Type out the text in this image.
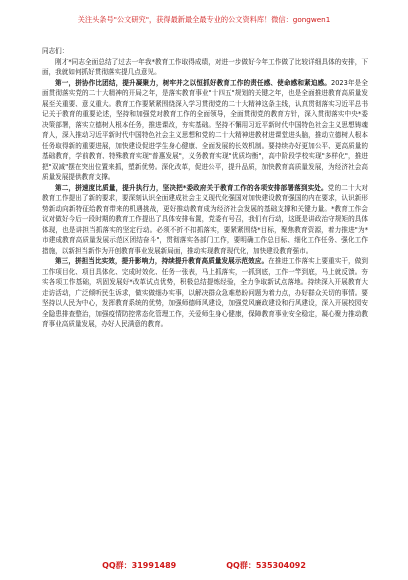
关注头条号"公文研究"，获得最新最全最专业的公文资料库！微信：gongwen1

同志们：

刚才*同志全面总结了过去一年我*教育工作取得成绩，对进一步做好今年工作做了比较详细具体的安排，下面，我就如何抓好贯彻落实提几点意见。

第一，拼协作比团结，提升凝聚力，树牢并之以恒抓好教育工作的责任感、使命感和紧迫感。2023年是全面贯彻落实党的二十大精神的开局之年，是落实教育事业"十四五"规划的关键之年，也是全面推进教育高质量发展至关重要、意义重大。教育工作要紧紧围绕深入学习贯彻党的二十大精神这条主线，认真贯彻落实习近平总书记关于教育的重要论述，坚持和加强党对教育工作的全面领导，全面贯彻党的教育方针，深入贯彻落实中央*委决策部署，落实立德树人根本任务，推进课改，夯实基础。坚持不懈用习近平新时代中国特色社会主义思想铸魂育人，深入推动习近平新时代中国特色社会主义思想和党的二十大精神进教材进课堂进头脑，推动立德树人根本任务取得新的重要进展，加快建设促进学生身心健康、全面发展的长效机制。要持续办好更加公平、更高质量的基础教育，学前教育、特殊教育实现"普惠发展"，义务教育实现"优质均衡"，高中阶段学校实现"多样化"，推进把"双减"摆在突出位置来抓，塑新优势。深化改革，促进公平，提升品质，加快教育高质量发展，为经济社会高质量发展提供教育支撑。

第二，拼速度比质量，提升执行力，坚决把*委政府关于教育工作的各项安排部署落到实处。党的二十大对教育工作提出了新的要求，要深刻认识全面建成社会主义现代化强国对加快建设教育强国的内在要求，认识新形势新动向新特征给教育带来的机遇挑战，更好推动教育成为经济社会发展的基础支撑和关键力量。*教育工作会议对做好今后一段时期的教育工作提出了具体安排布置，党委有号召，我们有行动，这既是讲政治守规矩的具体体现，也是讲担当抓落实的坚定行动。必须不折不扣抓落实，要紧紧围绕*目标，聚焦教育资源，着力推进"为*市建成教育高质量发展示范区团结奋斗"，贯彻落实各部门工作，要明确工作总目标、细化工作任务、强化工作措施，以新担当新作为开创教育事业发展新局面，推动实现教育现代化，加快建设教育强市。

第三，拼担当比实效，提升影响力，持续提升教育高质量发展示范效应。在推进工作落实上要重实干，做到工作项目化、项目具体化、完成时效化、任务一张表，马上抓落实，一抓到底，工作一竿到底，马上就反馈。夯实各项工作基础，巩固发展好*改革试点优势，积极总结提炼经验，全力争取新试点落地。持续深入开展教育大走访活动，广泛倾听民生诉求，做实做细办实事，以解决群众急难愁盼问题为着力点，办好群众关切的事情。要坚持以人民为中心，发挥教育系统的优势，加强师德师风建设，加强党风廉政建设和行风建设，深入开展校园安全隐患排查整治，加强疫情防控常态化管理工作，关爱师生身心健康，保障教育事业安全稳定，凝心聚力推动教育事业高质量发展，办好人民满意的教育。

QQ群：31991489	QQ群：535304092
